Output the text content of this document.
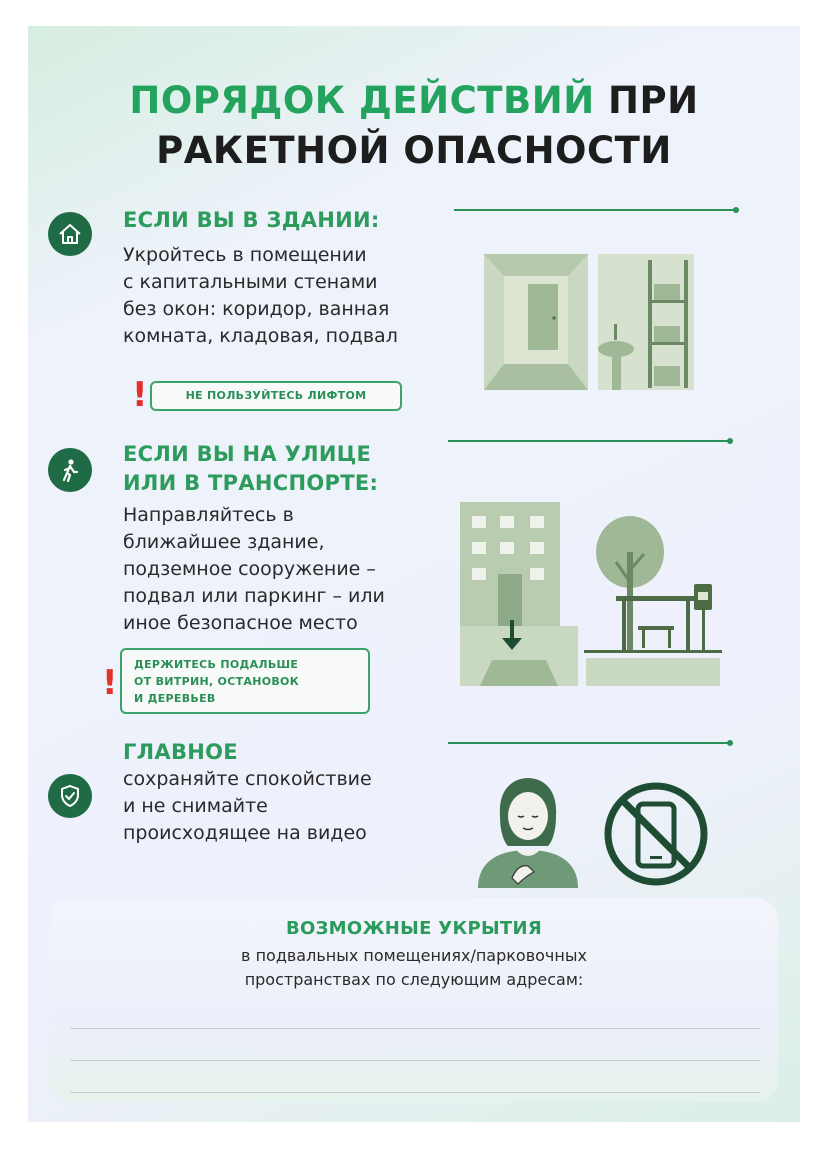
ПОРЯДОК ДЕЙСТВИЙ ПРИ
РАКЕТНОЙ ОПАСНОСТИ
ЕСЛИ ВЫ В ЗДАНИИ:
Укройтесь в помещении
с капитальными стенами
без окон: коридор, ванная
комната, кладовая, подвал
!	НЕ ПОЛЬЗУЙТЕСЬ ЛИФТОМ
ЕСЛИ ВЫ НА УЛИЦЕ
ИЛИ В ТРАНСПОРТЕ:
Направляйтесь в
ближайшее здание,
подземное сооружение –
подвал или паркинг – или
иное безопасное место
! ДЕРЖИТЕСЬ ПОДАЛЬШЕ
ОТ ВИТРИН, ОСТАНОВОК
И ДЕРЕВЬЕВ
ГЛАВНОЕ
сохраняйте спокойствие
и не снимайте
происходящее на видео
ВОЗМОЖНЫЕ УКРЫТИЯ
в подвальных помещениях/парковочных
пространствах по следующим адресам:
